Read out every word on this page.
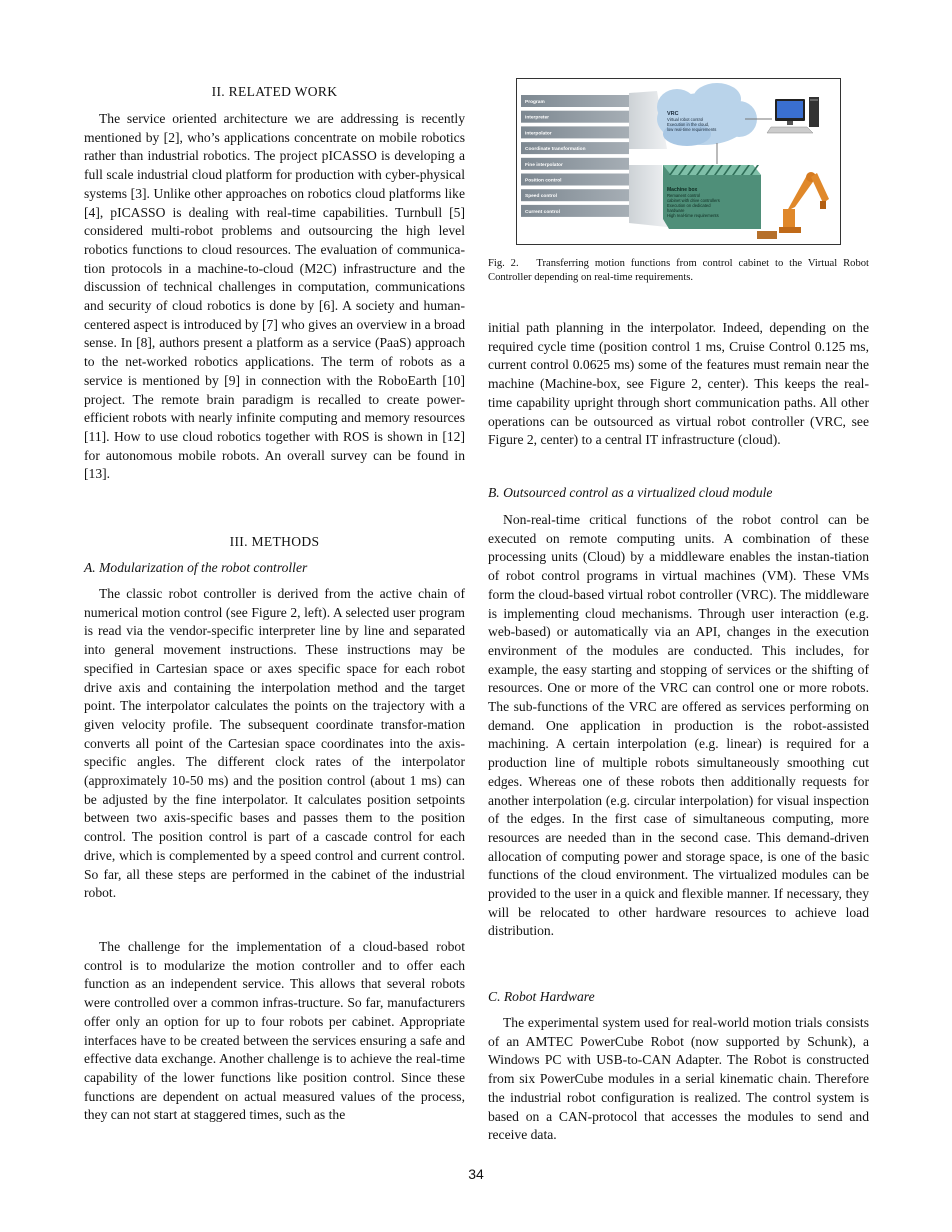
II. RELATED WORK

The service oriented architecture we are addressing is recently mentioned by [2], who’s applications concentrate on mobile robotics rather than industrial robotics. The project pICASSO is developing a full scale industrial cloud platform for production with cyber-physical systems [3]. Unlike other approaches on robotics cloud platforms like [4], pICASSO is dealing with real-time capabilities. Turnbull [5] considered multi-robot problems and outsourcing the high level robotics functions to cloud resources. The evaluation of communica-tion protocols in a machine-to-cloud (M2C) infrastructure and the discussion of technical challenges in computation, communications and security of cloud robotics is done by [6]. A society and human-centered aspect is introduced by [7] who gives an overview in a broad sense. In [8], authors present a platform as a service (PaaS) approach to the net-worked robotics applications. The term of robots as a service is mentioned by [9] in connection with the RoboEarth [10] project. The remote brain paradigm is recalled to create power-efficient robots with nearly infinite computing and memory resources [11]. How to use cloud robotics together with ROS is shown in [12] for autonomous mobile robots. An overall survey can be found in [13].

III. METHODS
A. Modularization of the robot controller

The classic robot controller is derived from the active chain of numerical motion control (see Figure 2, left). A selected user program is read via the vendor-specific interpreter line by line and separated into general movement instructions. These instructions may be specified in Cartesian space or axes specific space for each robot drive axis and containing the interpolation method and the target point. The interpolator calculates the points on the trajectory with a given velocity profile. The subsequent coordinate transfor-mation converts all point of the Cartesian space coordinates into the axis-specific angles. The different clock rates of the interpolator (approximately 10-50 ms) and the position control (about 1 ms) can be adjusted by the fine interpolator. It calculates position setpoints between two axis-specific bases and passes them to the position control. The position control is part of a cascade control for each drive, which is complemented by a speed control and current control. So far, all these steps are performed in the cabinet of the industrial robot.

The challenge for the implementation of a cloud-based robot control is to modularize the motion controller and to offer each function as an independent service. This allows that several robots were controlled over a common infras-tructure. So far, manufacturers offer only an option for up to four robots per cabinet. Appropriate interfaces have to be created between the services ensuring a safe and effective data exchange. Another challenge is to achieve the real-time capability of the lower functions like position control. Since these functions are dependent on actual measured values of the process, they can not start at staggered times, such as the

Program
Interpreter
Interpolator
Coordinate transformation
Fine interpolator
Position control
Speed control
Current control
VRC
Virtual robot control
Execution in the cloud,
low real-time requirements
Machine box
Remanent control
cabinet with drive controllers
Execution on dedicated
hardware
High real-time requirements
Fig. 2. Transferring motion functions from control cabinet to the Virtual Robot Controller depending on real-time requirements.

initial path planning in the interpolator. Indeed, depending on the required cycle time (position control 1 ms, Cruise Control 0.125 ms, current control 0.0625 ms) some of the features must remain near the machine (Machine-box, see Figure 2, center). This keeps the real-time capability upright through short communication paths. All other operations can be outsourced as virtual robot controller (VRC, see Figure 2, center) to a central IT infrastructure (cloud).

B. Outsourced control as a virtualized cloud module

Non-real-time critical functions of the robot control can be executed on remote computing units. A combination of these processing units (Cloud) by a middleware enables the instan-tiation of robot control programs in virtual machines (VM). These VMs form the cloud-based virtual robot controller (VRC). The middleware is implementing cloud mechanisms. Through user interaction (e.g. web-based) or automatically via an API, changes in the execution environment of the modules are conducted. This includes, for example, the easy starting and stopping of services or the shifting of resources. One or more of the VRC can control one or more robots. The sub-functions of the VRC are offered as services performing on demand. One application in production is the robot-assisted machining. A certain interpolation (e.g. linear) is required for a production line of multiple robots simultaneously smoothing cut edges. Whereas one of these robots then additionally requests for another interpolation (e.g. circular interpolation) for visual inspection of the edges. In the first case of simultaneous computing, more resources are needed than in the second case. This demand-driven allocation of computing power and storage space, is one of the basic functions of the cloud environment. The virtualized modules can be provided to the user in a quick and flexible manner. If necessary, they will be relocated to other hardware resources to achieve load distribution.

C. Robot Hardware

The experimental system used for real-world motion trials consists of an AMTEC PowerCube Robot (now supported by Schunk), a Windows PC with USB-to-CAN Adapter. The Robot is constructed from six PowerCube modules in a serial kinematic chain. Therefore the industrial robot configuration is realized. The control system is based on a CAN-protocol that accesses the modules to send and receive data.

34
